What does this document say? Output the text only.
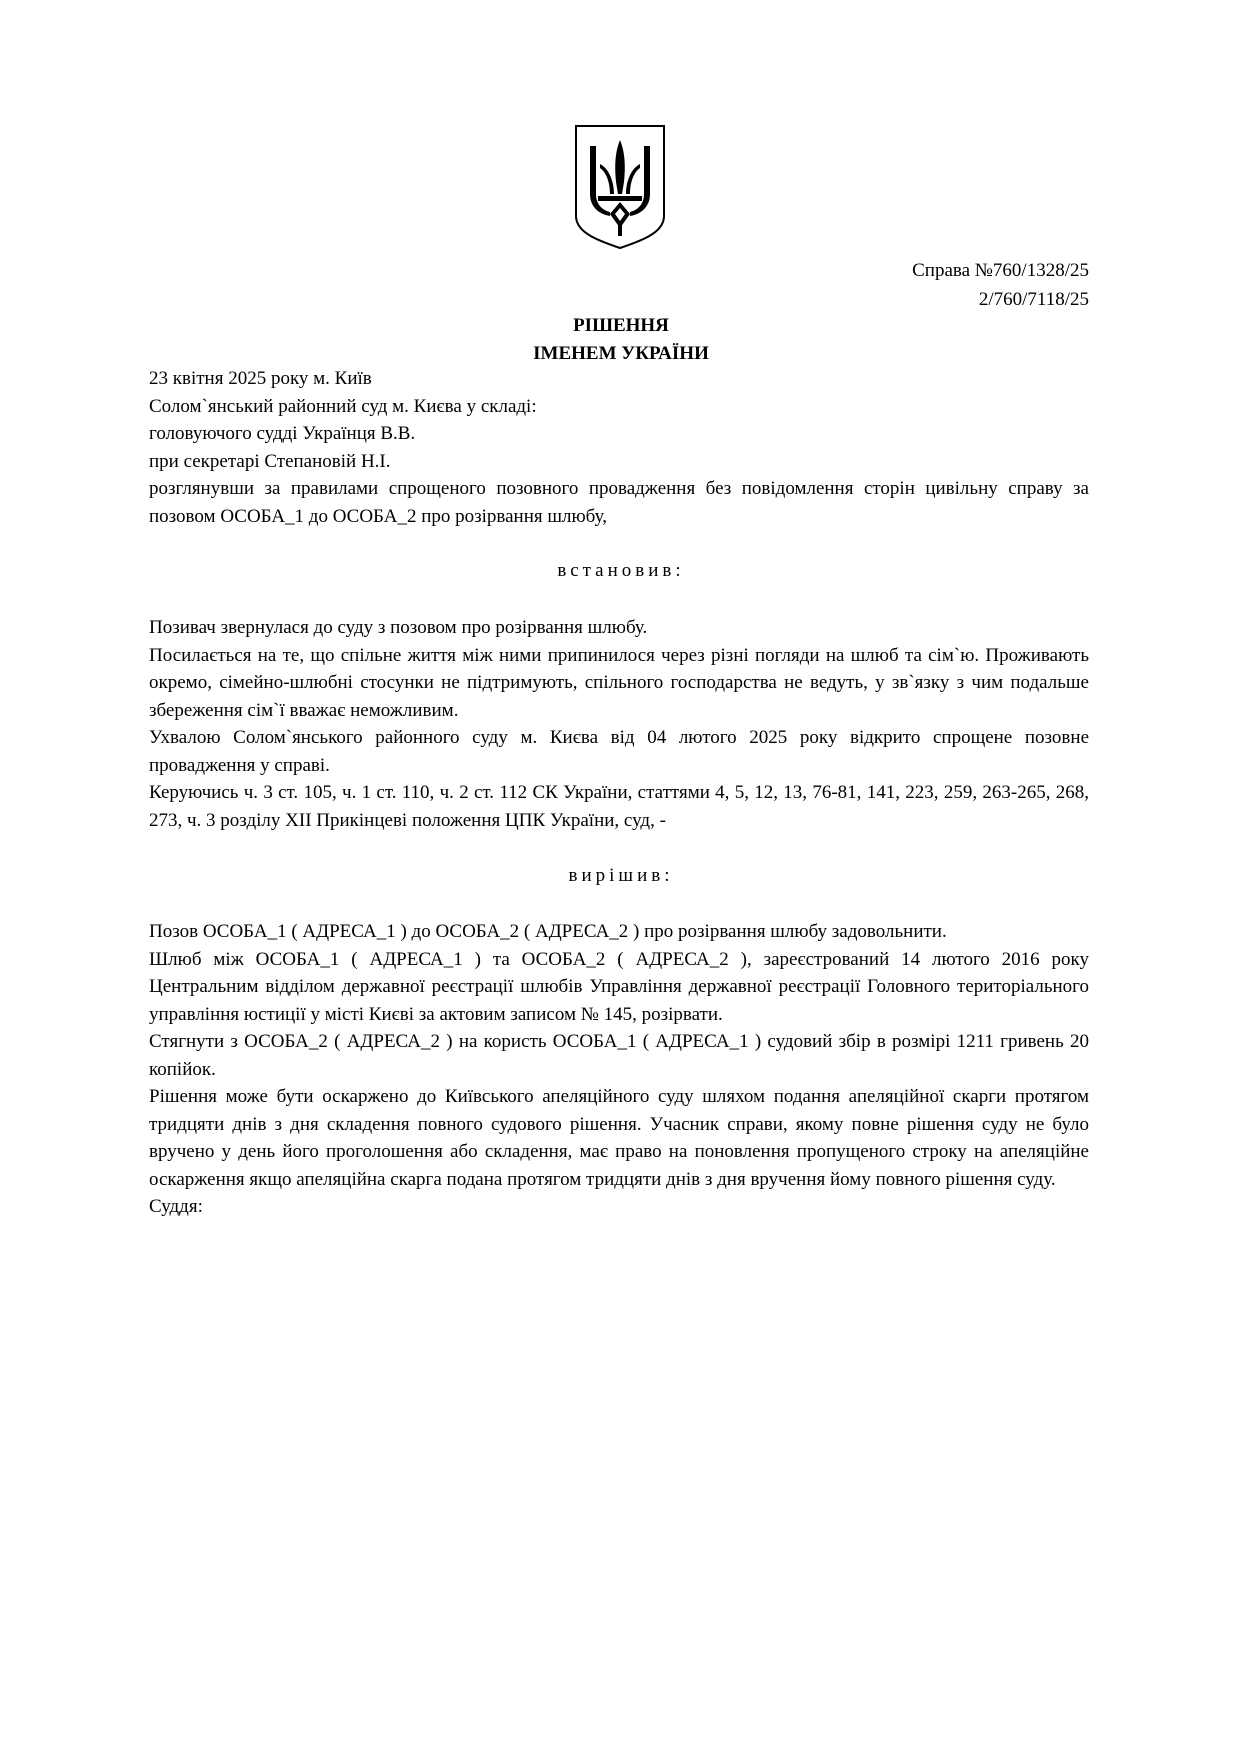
Справа №760/1328/25
2/760/7118/25
РІШЕННЯ
ІМЕНЕМ УКРАЇНИ

23 квітня 2025 року м. Київ

Солом`янський районний суд м. Києва у складі:

головуючого судді Українця В.В.

при секретарі Степановій Н.І.

розглянувши за правилами спрощеного позовного провадження без повідомлення сторін цивільну справу за позовом ОСОБА_1 до ОСОБА_2 про розірвання шлюбу,

встановив:

Позивач звернулася до суду з позовом про розірвання шлюбу.

Посилається на те, що спільне життя між ними припинилося через різні погляди на шлюб та сім`ю. Проживають окремо, сімейно-шлюбні стосунки не підтримують, спільного господарства не ведуть, у зв`язку з чим подальше збереження сім`ї вважає неможливим.

Ухвалою Солом`янського районного суду м. Києва від 04 лютого 2025 року відкрито спрощене позовне провадження у справі.

Керуючись ч. 3 ст. 105, ч. 1 ст. 110, ч. 2 ст. 112 СК України, статтями 4, 5, 12, 13, 76-81, 141, 223, 259, 263-265, 268, 273, ч. 3 розділу XII Прикінцеві положення ЦПК України, суд, -

вирішив:

Позов ОСОБА_1 ( АДРЕСА_1 ) до ОСОБА_2 ( АДРЕСА_2 ) про розірвання шлюбу задовольнити.

Шлюб між ОСОБА_1 ( АДРЕСА_1 ) та ОСОБА_2 ( АДРЕСА_2 ), зареєстрований 14 лютого 2016 року Центральним відділом державної реєстрації шлюбів Управління державної реєстрації Головного територіального управління юстиції у місті Києві за актовим записом № 145, розірвати.

Стягнути з ОСОБА_2 ( АДРЕСА_2 ) на користь ОСОБА_1 ( АДРЕСА_1 ) судовий збір в розмірі 1211 гривень 20 копійок.

Рішення може бути оскаржено до Київського апеляційного суду шляхом подання апеляційної скарги протягом тридцяти днів з дня складення повного судового рішення. Учасник справи, якому повне рішення суду не було вручено у день його проголошення або складення, має право на поновлення пропущеного строку на апеляційне оскарження якщо апеляційна скарга подана протягом тридцяти днів з дня вручення йому повного рішення суду.

Суддя:
